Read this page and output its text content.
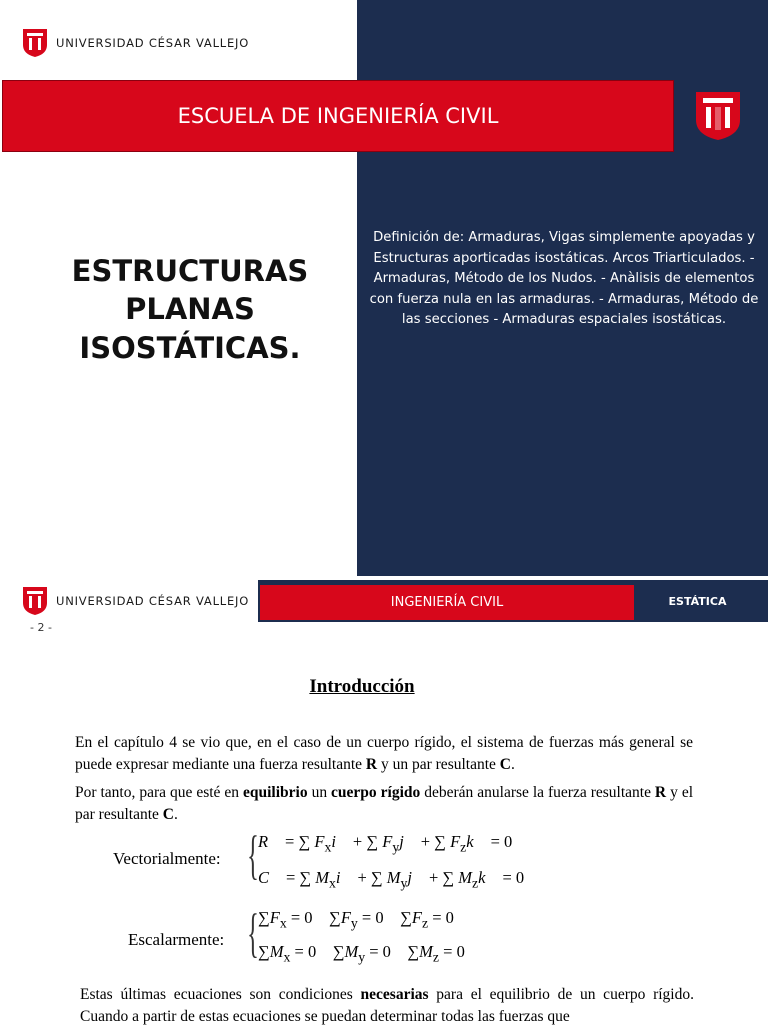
UNIVERSIDAD CÉSAR VALLEJO
ESCUELA DE INGENIERÍA CIVIL
ESTRUCTURAS
PLANAS
ISOSTÁTICAS.
Definición de: Armaduras, Vigas simplemente apoyadas y Estructuras aporticadas isostáticas. Arcos Triarticulados. - Armaduras, Método de los Nudos. - Anàlisis de elementos con fuerza nula en las armaduras. - Armaduras, Método de las secciones - Armaduras espaciales isostáticas.
UNIVERSIDAD CÉSAR VALLEJO	INGENIERÍA CIVIL	ESTÁTICA
- 2 -
Introducción
En el capítulo 4 se vio que, en el caso de un cuerpo rígido, el sistema de fuerzas más general se puede expresar mediante una fuerza resultante R y un par resultante C.
Por tanto, para que esté en equilibrio un cuerpo rígido deberán anularse la fuerza resultante R y el par resultante C.
Vectorialmente: { R⃗ = ∑ $F_xi⃗$ + ∑ $F_yj⃗$ + ∑ $F_zk⃗ = 0$
C⃗ = ∑ $M_xi⃗$ + ∑ $M_yj⃗$ + ∑ $M_zk⃗ = 0$
Escalarmente: { $\sum F_x = 0$    $\sum F_y = 0$    $\sum F_z = 0$
$\sum M_x = 0$    $\sum M_y = 0$    $\sum M_z = 0$
Estas últimas ecuaciones son condiciones necesarias para el equilibrio de un cuerpo rígido. Cuando a partir de estas ecuaciones se puedan determinar todas las fuerzas que
